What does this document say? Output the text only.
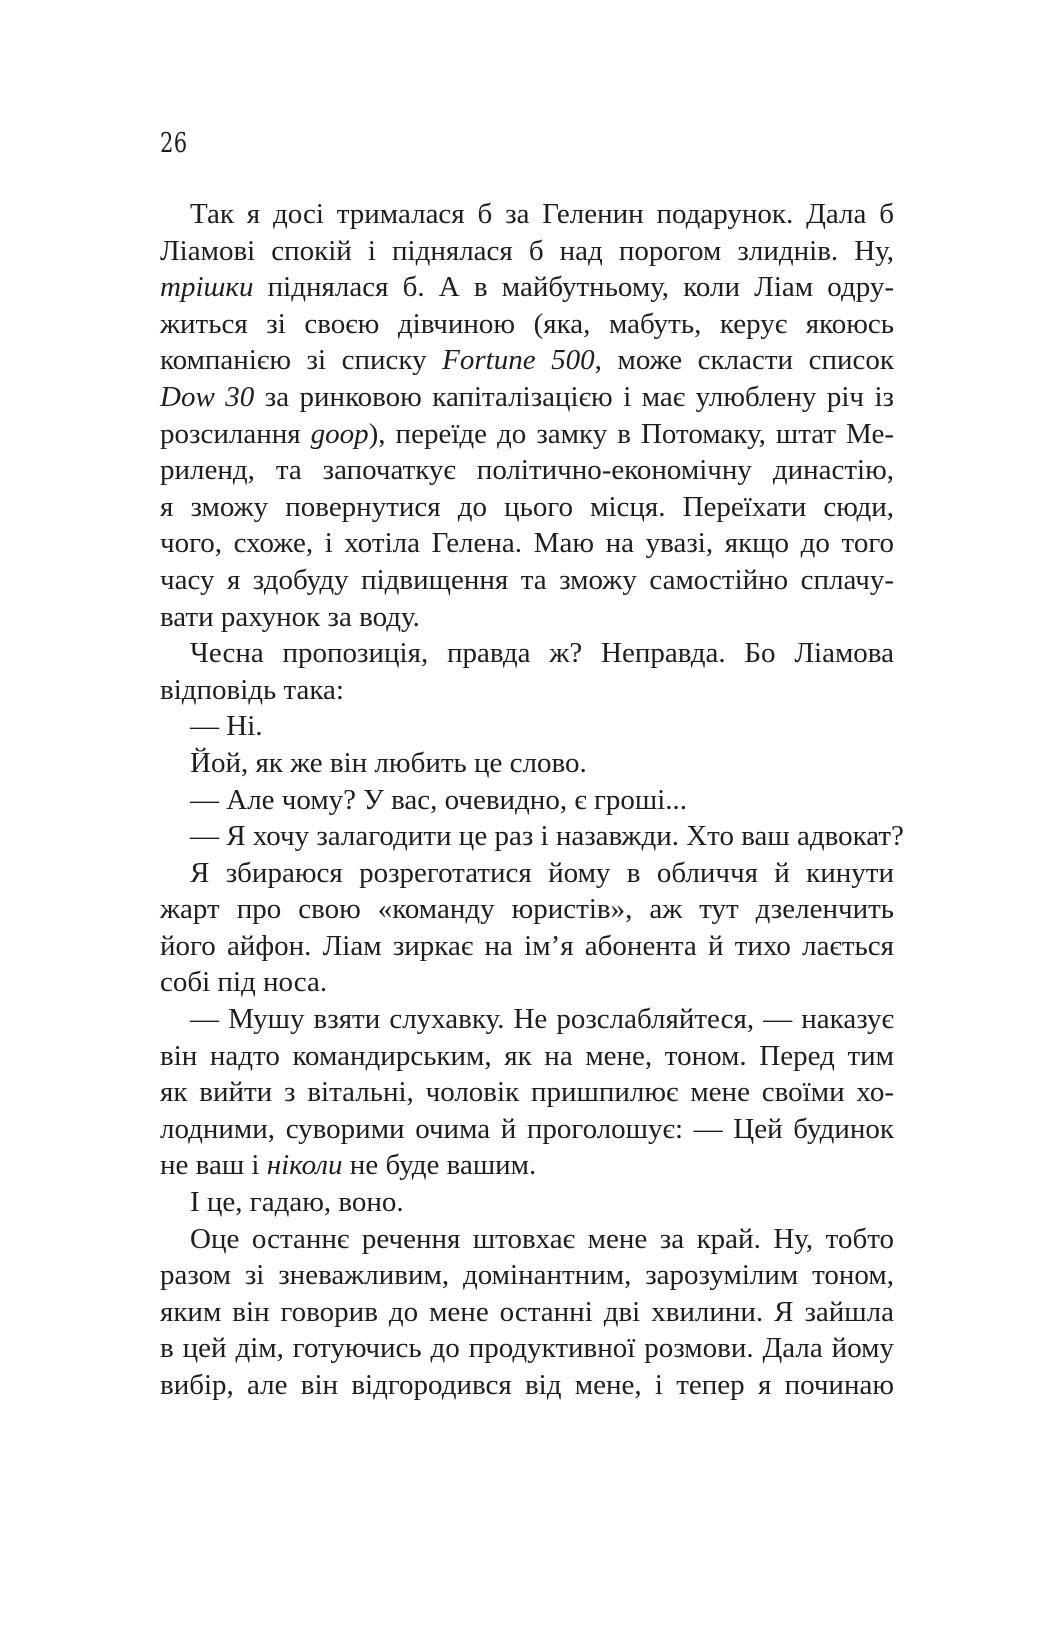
26
Так я досі трималася б за Геленин подарунок. Дала б
Ліамові спокій і піднялася б над порогом злиднів. Ну,
трішки піднялася б. А в майбутньому, коли Ліам одру-
житься зі своєю дівчиною (яка, мабуть, керує якоюсь
компанією зі списку Fortune 500, може скласти список
Dow 30 за ринковою капіталізацією і має улюблену річ із
розсилання goop), переїде до замку в Потомаку, штат Ме-
риленд, та започаткує політично-економічну династію,
я зможу повернутися до цього місця. Переїхати сюди,
чого, схоже, і хотіла Гелена. Маю на увазі, якщо до того
часу я здобуду підвищення та зможу самостійно сплачу-
вати рахунок за воду.
Чесна пропозиція, правда ж? Неправда. Бо Ліамова
відповідь така:
— Ні.
Йой, як же він любить це слово.
— Але чому? У вас, очевидно, є гроші...
— Я хочу залагодити це раз і назавжди. Хто ваш адвокат?
Я збираюся розреготатися йому в обличчя й кинути
жарт про свою «команду юристів», аж тут дзеленчить
його айфон. Ліам зиркає на ім’я абонента й тихо лається
собі під носа.
— Мушу взяти слухавку. Не розслабляйтеся, — наказує
він надто командирським, як на мене, тоном. Перед тим
як вийти з вітальні, чоловік пришпилює мене своїми хо-
лодними, суворими очима й проголошує: — Цей будинок
не ваш і ніколи не буде вашим.
І це, гадаю, воно.
Оце останнє речення штовхає мене за край. Ну, тобто
разом зі зневажливим, домінантним, зарозумілим тоном,
яким він говорив до мене останні дві хвилини. Я зайшла
в цей дім, готуючись до продуктивної розмови. Дала йому
вибір, але він відгородився від мене, і тепер я починаю
